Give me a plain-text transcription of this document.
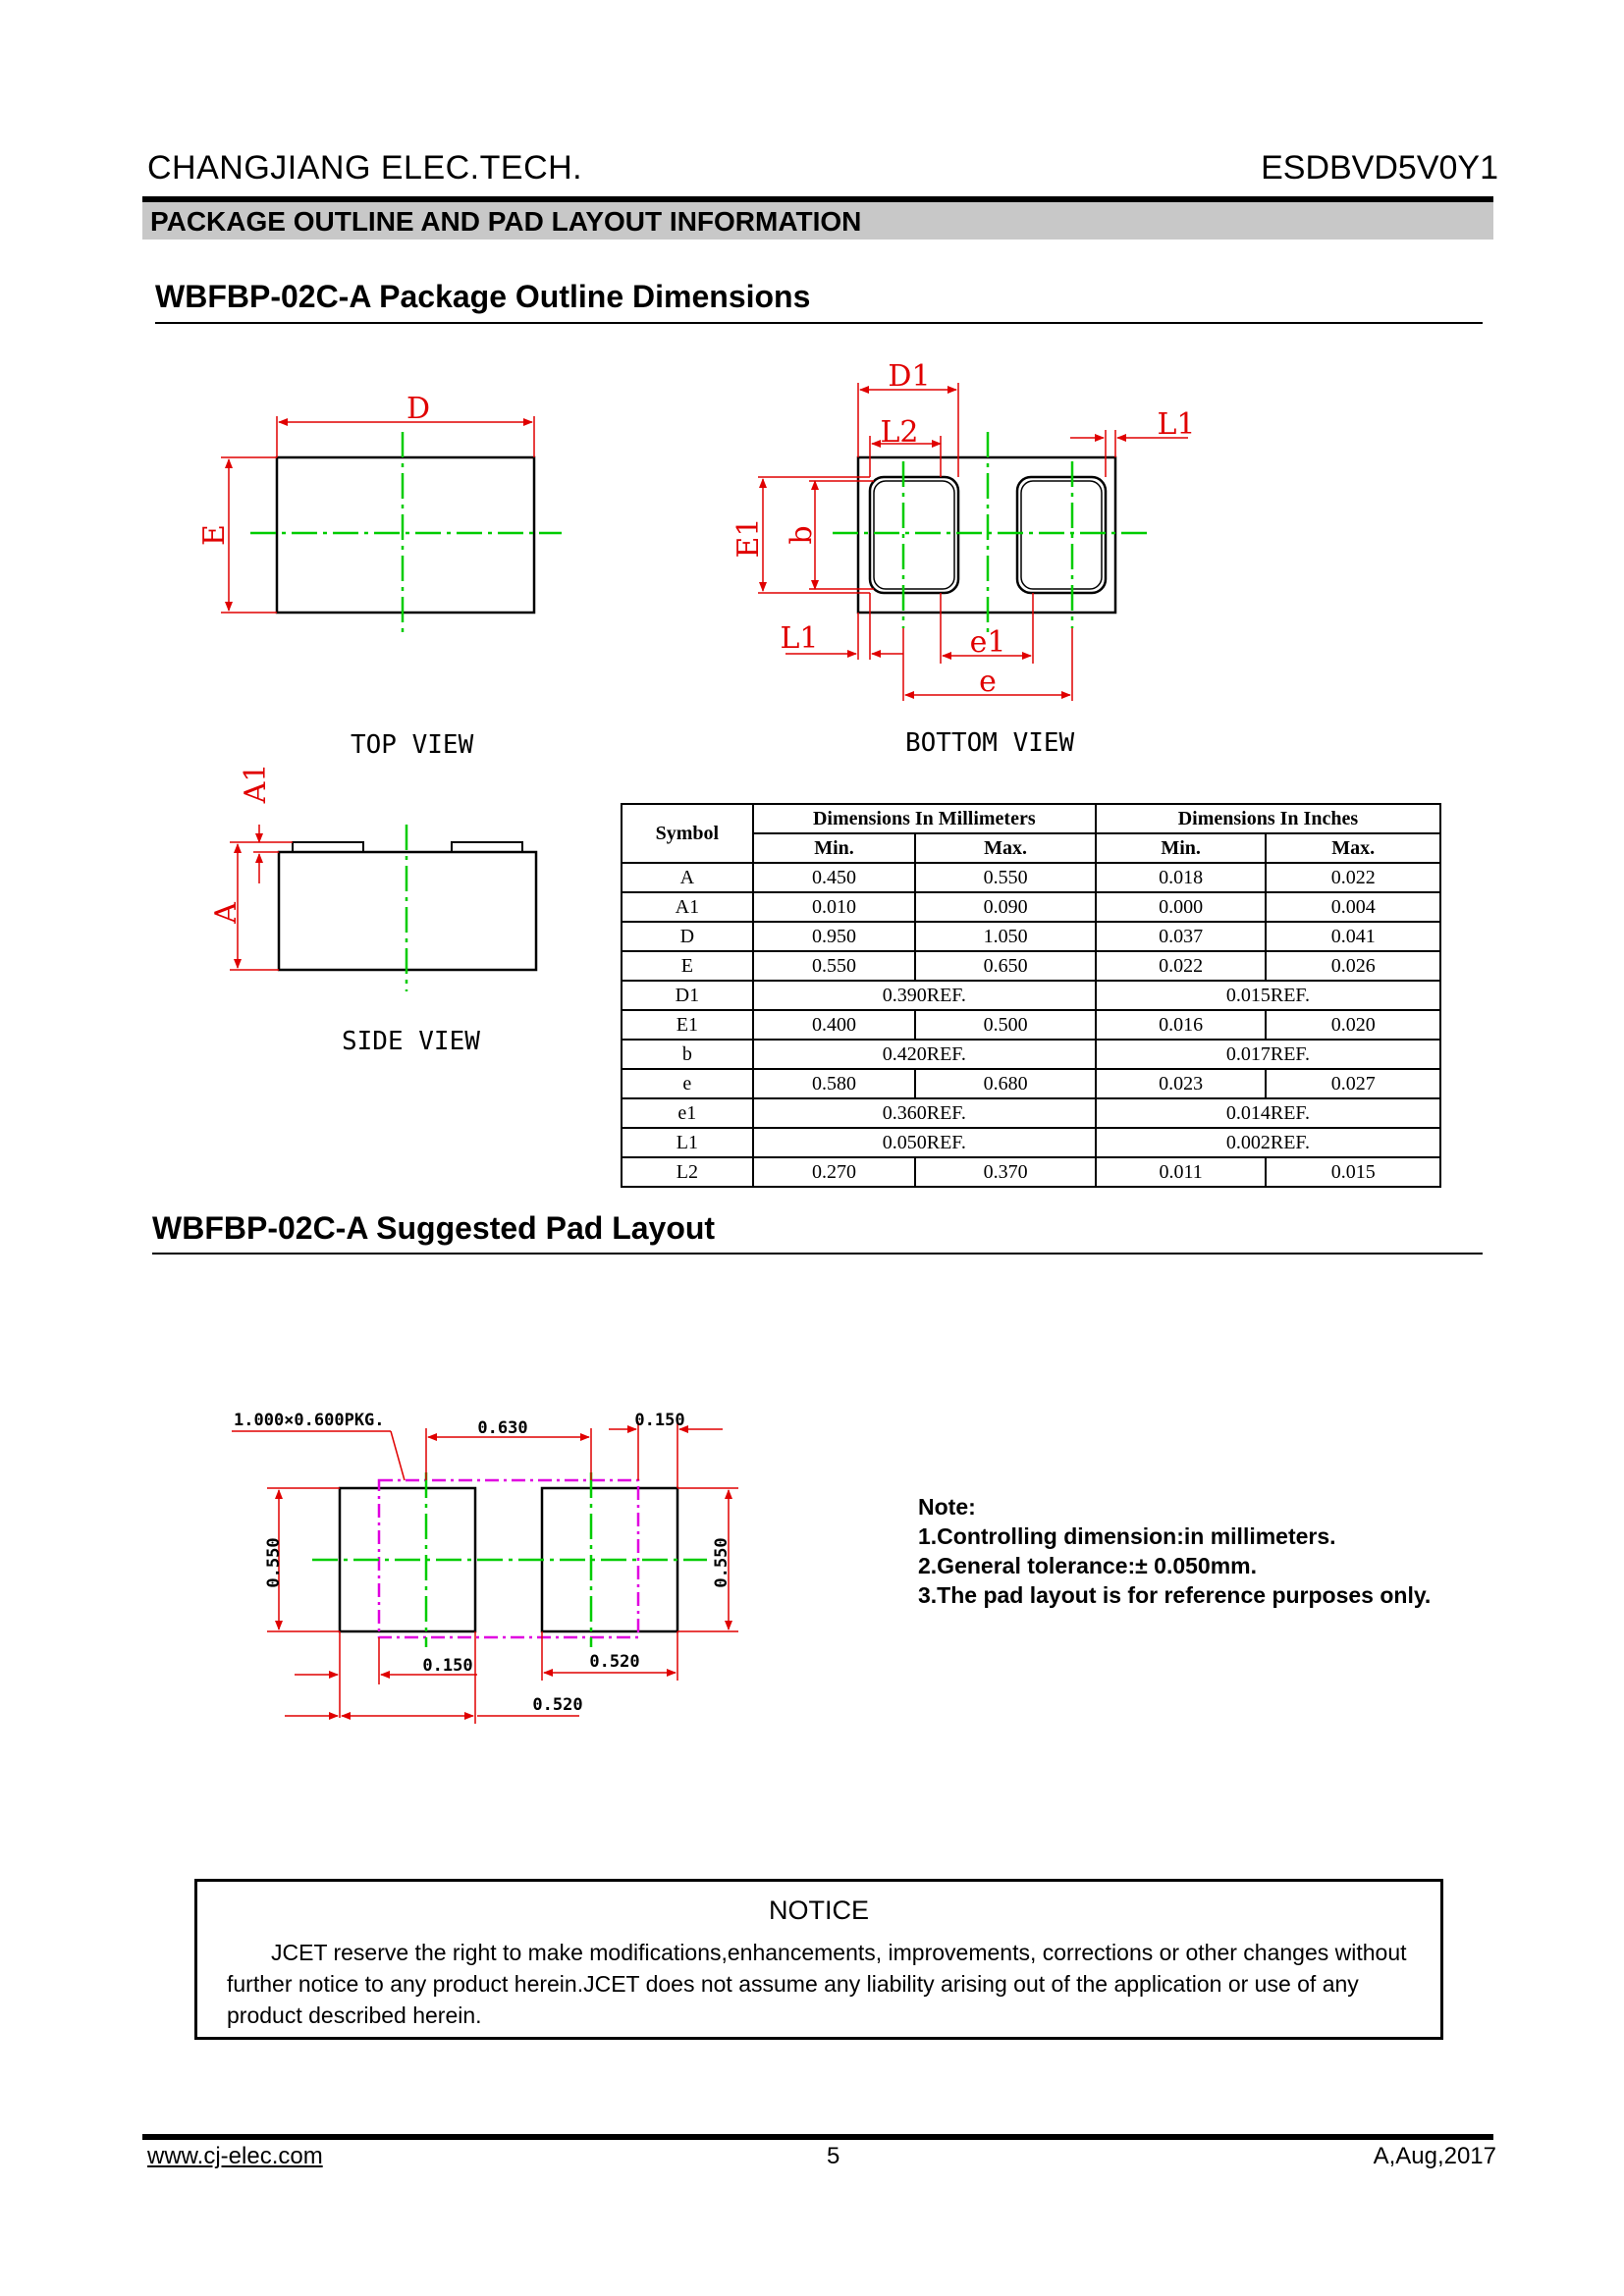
CHANGJIANG ELEC.TECH.	ESDBVD5V0Y1
PACKAGE OUTLINE AND PAD LAYOUT INFORMATION
WBFBP-02C-A Package Outline Dimensions
D
E
D1
L2	L1
E1 b
L1	e1
e
A
A1
TOP VIEW	BOTTOM VIEW
SIDE VIEW
Symbol	Dimensions In Millimeters		Dimensions In Inches	
	Min.	Max.	Min.	Max.
A	0.450	0.550	0.018	0.022
A1	0.010	0.090	0.000	0.004
D	0.950	1.050	0.037	0.041
E	0.550	0.650	0.022	0.026
D1	0.390REF.		0.015REF.	
E1	0.400	0.500	0.016	0.020
b	0.420REF.		0.017REF.	
e	0.580	0.680	0.023	0.027
e1	0.360REF.		0.014REF.	
L1	0.050REF.		0.002REF.	
L2	0.270	0.370	0.011	0.015
WBFBP-02C-A Suggested Pad Layout
1.000×0.600PKG.	0.630	0.150
0.550	0.550
0.150	0.520
0.520
Note:
1.Controlling dimension:in millimeters.
2.General tolerance:± 0.050mm.
3.The pad layout is for reference purposes only.
NOTICE
JCET reserve the right to make modifications,enhancements, improvements, corrections or other changes without further notice to any product herein.JCET does not assume any liability arising out of the application or use of any product described herein.
www.cj-elec.com	5	A,Aug,2017
